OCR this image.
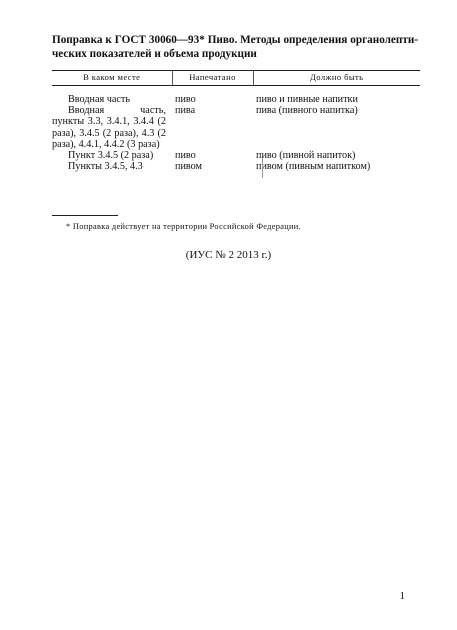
Поправка к ГОСТ 30060—93* Пиво. Методы определения органолепти-
ческих показателей и объема продукции
В каком месте	Напечатано	Должно быть
Вводная часть	пиво	пиво и пивные напитки
Вводная часть, пункты 3.3, 3.4.1, 3.4.4 (2 раза), 3.4.5 (2 раза), 4.3 (2 раза), 4.4.1, 4.4.2 (3 раза)	пива	пива (пивного напитка)
Пункт 3.4.5 (2 раза)	пиво	пиво (пивной напиток)
Пункты 3.4.5, 4.3	пивом	пивом (пивным напитком)
* Поправка действует на территории Российской Федерации.
(ИУС № 2 2013 г.)
1
